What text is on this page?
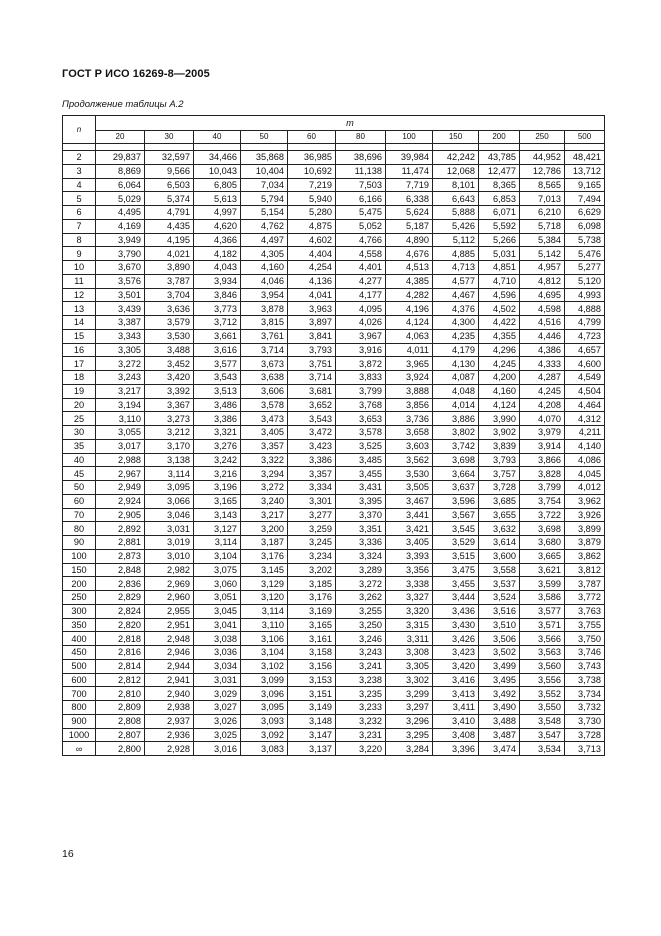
ГОСТ Р ИСО 16269-8—2005
Продолжение таблицы А.2
n	m										
	20	30	40	50	60	80	100	150	200	250	500

2	29,837	32,597	34,466	35,868	36,985	38,696	39,984	42,242	43,785	44,952	48,421
3	8,869	9,566	10,043	10,404	10,692	11,138	11,474	12,068	12,477	12,786	13,712
4	6,064	6,503	6,805	7,034	7,219	7,503	7,719	8,101	8,365	8,565	9,165
5	5,029	5,374	5,613	5,794	5,940	6,166	6,338	6,643	6,853	7,013	7,494
6	4,495	4,791	4,997	5,154	5,280	5,475	5,624	5,888	6,071	6,210	6,629
7	4,169	4,435	4,620	4,762	4,875	5,052	5,187	5,426	5,592	5,718	6,098
8	3,949	4,195	4,366	4,497	4,602	4,766	4,890	5,112	5,266	5,384	5,738
9	3,790	4,021	4,182	4,305	4,404	4,558	4,676	4,885	5,031	5,142	5,476
10	3,670	3,890	4,043	4,160	4,254	4,401	4,513	4,713	4,851	4,957	5,277
11	3,576	3,787	3,934	4,046	4,136	4,277	4,385	4,577	4,710	4,812	5,120
12	3,501	3,704	3,846	3,954	4,041	4,177	4,282	4,467	4,596	4,695	4,993
13	3,439	3,636	3,773	3,878	3,963	4,095	4,196	4,376	4,502	4,598	4,888
14	3,387	3,579	3,712	3,815	3,897	4,026	4,124	4,300	4,422	4,516	4,799
15	3,343	3,530	3,661	3,761	3,841	3,967	4,063	4,235	4,355	4,446	4,723
16	3,305	3,488	3,616	3,714	3,793	3,916	4,011	4,179	4,296	4,386	4,657
17	3,272	3,452	3,577	3,673	3,751	3,872	3,965	4,130	4,245	4,333	4,600
18	3,243	3,420	3,543	3,638	3,714	3,833	3,924	4,087	4,200	4,287	4,549
19	3,217	3,392	3,513	3,606	3,681	3,799	3,888	4,048	4,160	4,245	4,504
20	3,194	3,367	3,486	3,578	3,652	3,768	3,856	4,014	4,124	4,208	4,464
25	3,110	3,273	3,386	3,473	3,543	3,653	3,736	3,886	3,990	4,070	4,312
30	3,055	3,212	3,321	3,405	3,472	3,578	3,658	3,802	3,902	3,979	4,211
35	3,017	3,170	3,276	3,357	3,423	3,525	3,603	3,742	3,839	3,914	4,140
40	2,988	3,138	3,242	3,322	3,386	3,485	3,562	3,698	3,793	3,866	4,086
45	2,967	3,114	3,216	3,294	3,357	3,455	3,530	3,664	3,757	3,828	4,045
50	2,949	3,095	3,196	3,272	3,334	3,431	3,505	3,637	3,728	3,799	4,012
60	2,924	3,066	3,165	3,240	3,301	3,395	3,467	3,596	3,685	3,754	3,962
70	2,905	3,046	3,143	3,217	3,277	3,370	3,441	3,567	3,655	3,722	3,926
80	2,892	3,031	3,127	3,200	3,259	3,351	3,421	3,545	3,632	3,698	3,899
90	2,881	3,019	3,114	3,187	3,245	3,336	3,405	3,529	3,614	3,680	3,879
100	2,873	3,010	3,104	3,176	3,234	3,324	3,393	3,515	3,600	3,665	3,862
150	2,848	2,982	3,075	3,145	3,202	3,289	3,356	3,475	3,558	3,621	3,812
200	2,836	2,969	3,060	3,129	3,185	3,272	3,338	3,455	3,537	3,599	3,787
250	2,829	2,960	3,051	3,120	3,176	3,262	3,327	3,444	3,524	3,586	3,772
300	2,824	2,955	3,045	3,114	3,169	3,255	3,320	3,436	3,516	3,577	3,763
350	2,820	2,951	3,041	3,110	3,165	3,250	3,315	3,430	3,510	3,571	3,755
400	2,818	2,948	3,038	3,106	3,161	3,246	3,311	3,426	3,506	3,566	3,750
450	2,816	2,946	3,036	3,104	3,158	3,243	3,308	3,423	3,502	3,563	3,746
500	2,814	2,944	3,034	3,102	3,156	3,241	3,305	3,420	3,499	3,560	3,743
600	2,812	2,941	3,031	3,099	3,153	3,238	3,302	3,416	3,495	3,556	3,738
700	2,810	2,940	3,029	3,096	3,151	3,235	3,299	3,413	3,492	3,552	3,734
800	2,809	2,938	3,027	3,095	3,149	3,233	3,297	3,411	3,490	3,550	3,732
900	2,808	2,937	3,026	3,093	3,148	3,232	3,296	3,410	3,488	3,548	3,730
1000	2,807	2,936	3,025	3,092	3,147	3,231	3,295	3,408	3,487	3,547	3,728
∞	2,800	2,928	3,016	3,083	3,137	3,220	3,284	3,396	3,474	3,534	3,713
16
